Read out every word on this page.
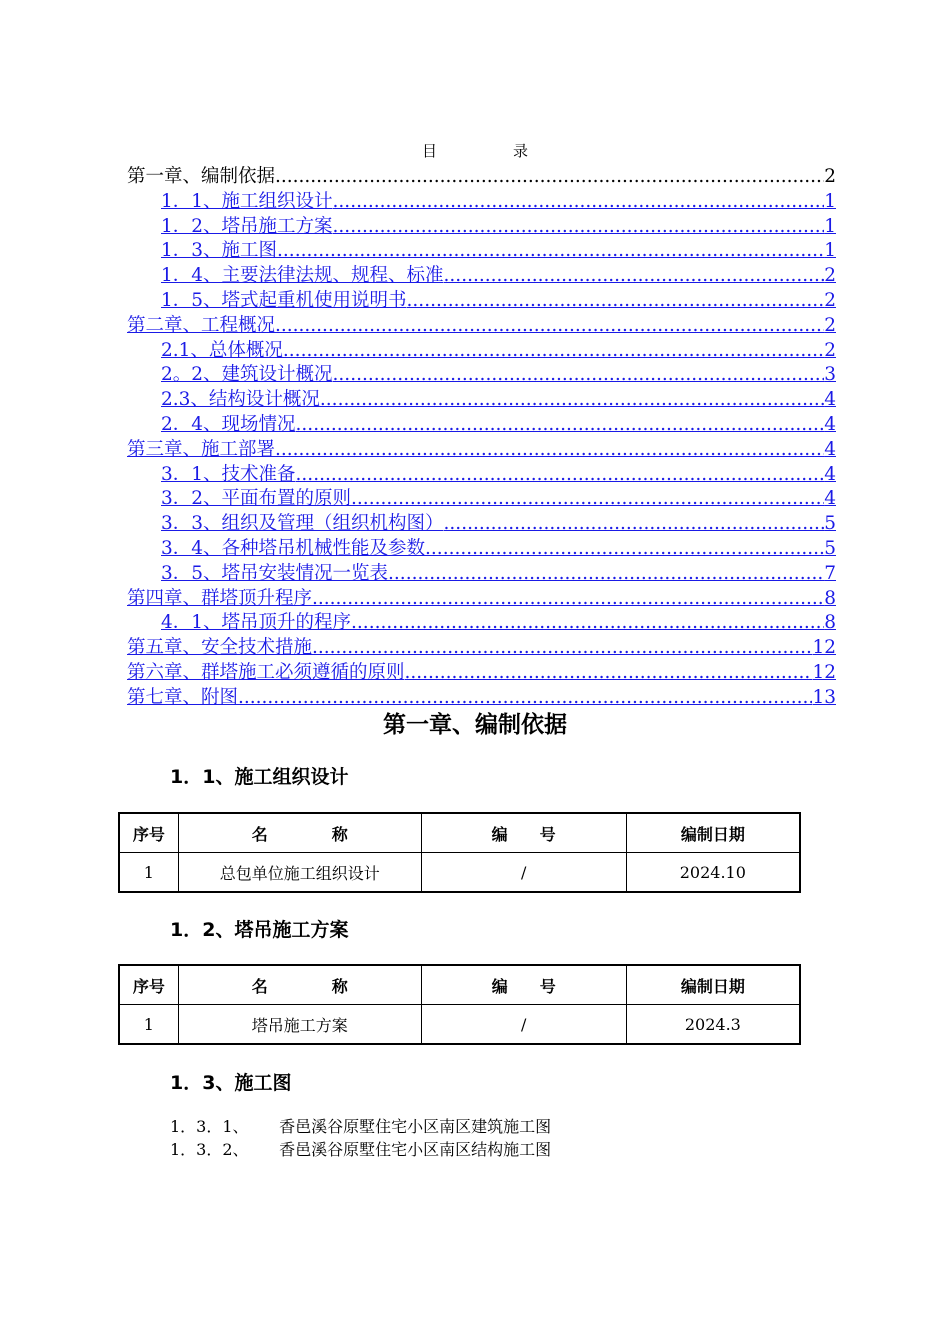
目	录
第一章、编制依据 .....	2
1．1、施工组织设计 .....	1
1．2、塔吊施工方案 .....	1
1．3、施工图 .....	1
1．4、主要法律法规、规程、标准 .....	2
1．5、塔式起重机使用说明书 .....	2
第二章、工程概况 .....	2
2.1、总体概况 .....	2
2。2、建筑设计概况 .....	3
2.3、结构设计概况 .....	4
2．4、现场情况 .....	4
第三章、施工部署 .....	4
3．1、技术准备 .....	4
3．2、平面布置的原则 .....	4
3．3、组织及管理（组织机构图） .....	5
3．4、各种塔吊机械性能及参数 .....	5
3．5、塔吊安装情况一览表 .....	7
第四章、群塔顶升程序 .....	8
4．1、塔吊顶升的程序 .....	8
第五章、安全技术措施 .....	12
第六章、群塔施工必须遵循的原则 .....	12
第七章、附图 .....	13
第一章、编制依据
1．1、施工组织设计
序号	名　　　　称	编　　号	编制日期
1	总包单位施工组织设计	/	2024.10
1．2、塔吊施工方案
序号	名　　　　称	编　　号	编制日期
1	塔吊施工方案	/	2024.3
1．3、施工图
1．3．1、 香邑溪谷原墅住宅小区南区建筑施工图
1．3．2、 香邑溪谷原墅住宅小区南区结构施工图
